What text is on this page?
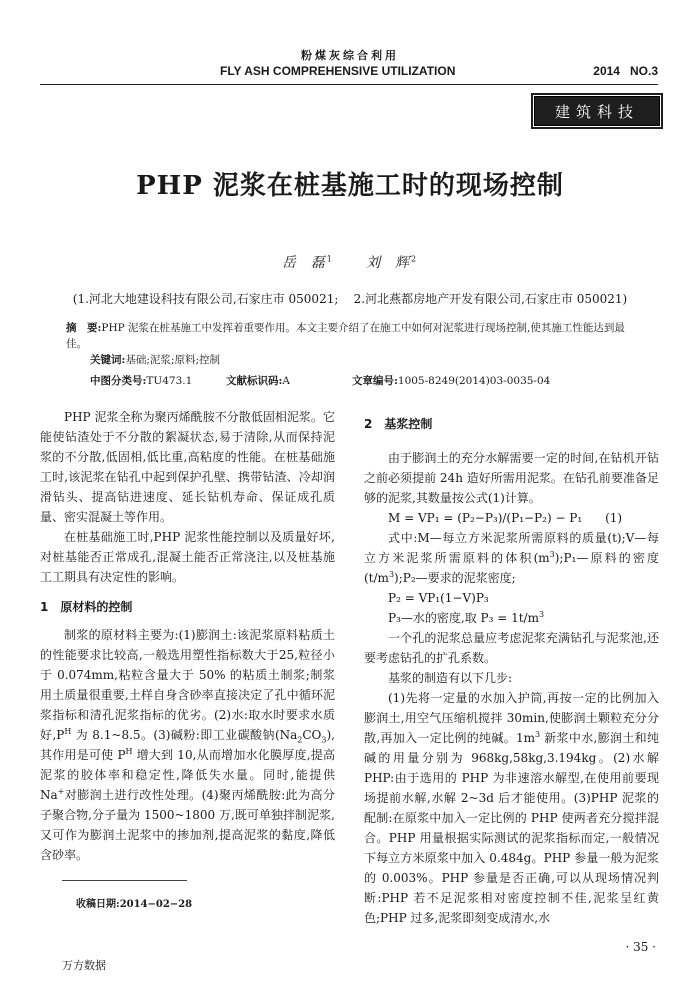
粉煤灰综合利用
FLY ASH COMPREHENSIVE UTILIZATION	2014   NO.3
建筑科技
PHP 泥浆在桩基施工时的现场控制
岳  磊$^1$ 刘  辉$^2$
(1.河北大地建设科技有限公司,石家庄市 050021;    2.河北燕都房地产开发有限公司,石家庄市 050021)
摘　要:PHP 泥浆在桩基施工中发挥着重要作用。本文主要介绍了在施工中如何对泥浆进行现场控制,使其施工性能达到最佳。
关键词:基础;泥浆;原料;控制
中图分类号:TU473.1	文献标识码:A	文章编号:1005-8249(2014)03-0035-04

PHP 泥浆全称为聚丙烯酰胺不分散低固相泥浆。它能使钻渣处于不分散的絮凝状态,易于清除,从而保持泥浆的不分散,低固相,低比重,高粘度的性能。在桩基础施工时,该泥浆在钻孔中起到保护孔壁、携带钻渣、冷却润滑钻头、提高钻进速度、延长钻机寿命、保证成孔质量、密实混凝土等作用。

在桩基础施工时,PHP 泥浆性能控制以及质量好坏,对桩基能否正常成孔,混凝土能否正常浇注,以及桩基施工工期具有决定性的影响。

1　原材料的控制

制浆的原材料主要为:(1)膨润土:该泥浆原料粘质土的性能要求比较高,一般选用塑性指标数大于25,粒径小于 0.074mm,粘粒含量大于 50% 的粘质土制浆;制浆用土质量很重要,土样自身含砂率直接决定了孔中循环泥浆指标和清孔泥浆指标的优劣。(2)水:取水时要求水质好$,P^H$ 为 8.1~8.5。(3)碱粉:即工业碳酸钠$(Na_2CO_3)$,其作用是可使 $P^H$ 增大到 10,从而增加水化膜厚度,提高泥浆的胶体率和稳定性,降低失水量。同时,能提供 Na+对膨润土进行改性处理。(4)聚丙烯酰胺:此为高分子聚合物,分子量为 1500~1800 万,既可单独拌制泥浆,又可作为膨润土泥浆中的掺加剂,提高泥浆的黏度,降低含砂率。

2　基浆控制

由于膨润土的充分水解需要一定的时间,在钻机开钻之前必须提前 24h 造好所需用泥浆。在钻孔前要准备足够的泥浆,其数量按公式(1)计算。

M = VP₁ = (P₂−P₃)/(P₁−P₂) − P₁ (1)

式中:M—每立方米泥浆所需原料的质量(t);V—每立方米泥浆所需原料的体积$(m^3);P_1—$原料的密度$(t/m^3);P_2—$要求的泥浆密度;

P₂ = VP₁(1−V)P₃

P₃—水的密度,取 $P_3 = 1t/m^3$

一个孔的泥浆总量应考虑泥浆充满钻孔与泥浆池,还要考虑钻孔的扩孔系数。

基浆的制造有以下几步:

(1)先将一定量的水加入护筒,再按一定的比例加入膨润土,用空气压缩机搅拌 30min,使膨润土颗粒充分分散,再加入一定比例的纯碱。$1m^3$ 新浆中水,膨润土和纯碱的用量分别为 968kg,58kg,3.194kg。(2)水解 PHP:由于选用的 PHP 为非速溶水解型,在使用前要现场提前水解,水解 2~3d 后才能使用。(3)PHP 泥浆的配制:在原浆中加入一定比例的 PHP 使两者充分搅拌混合。PHP 用量根据实际测试的泥浆指标而定,一般情况下每立方米原浆中加入 0.484g。PHP 参量一般为泥浆的 0.003%。PHP 参量是否正确,可以从现场情况判断:PHP 若不足泥浆相对密度控制不佳,泥浆呈红黄色;PHP 过多,泥浆即刻变成清水,水

收稿日期:2014−02−28
· 35 ·
万方数据
